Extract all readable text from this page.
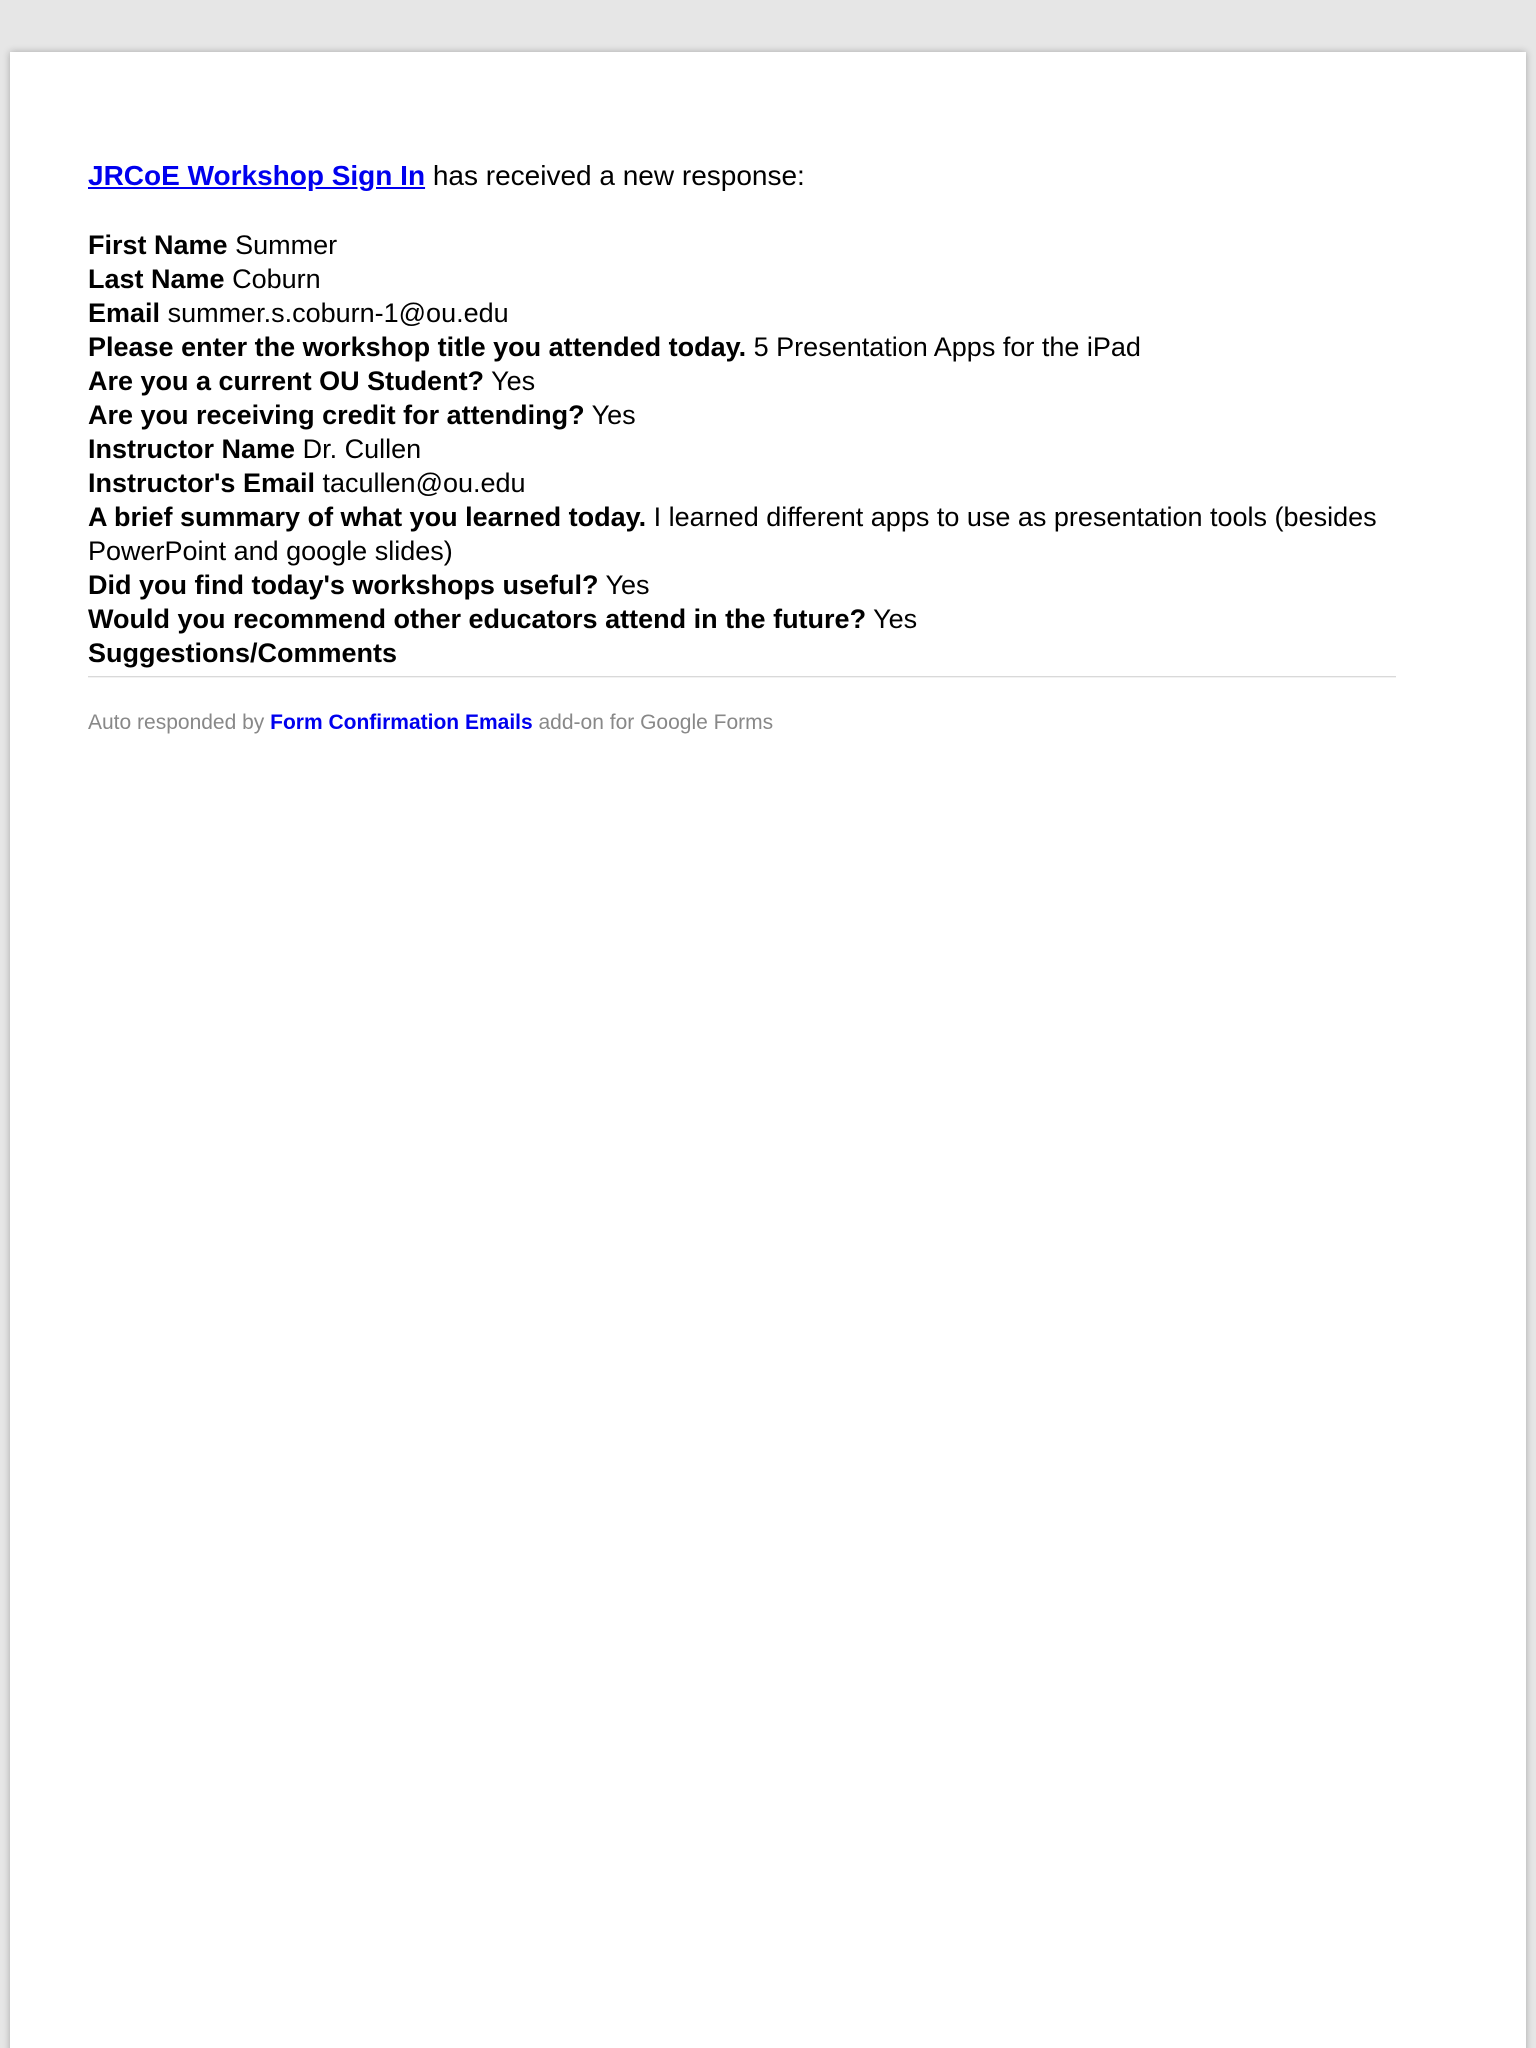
JRCoE Workshop Sign In has received a new response:

First Name Summer
Last Name Coburn
Email summer.s.coburn-1@ou.edu
Please enter the workshop title you attended today. 5 Presentation Apps for the iPad
Are you a current OU Student? Yes
Are you receiving credit for attending? Yes
Instructor Name Dr. Cullen
Instructor's Email tacullen@ou.edu
A brief summary of what you learned today. I learned different apps to use as presentation tools (besides PowerPoint and google slides)
Did you find today's workshops useful? Yes
Would you recommend other educators attend in the future? Yes
Suggestions/Comments

Auto responded by Form Confirmation Emails add-on for Google Forms
